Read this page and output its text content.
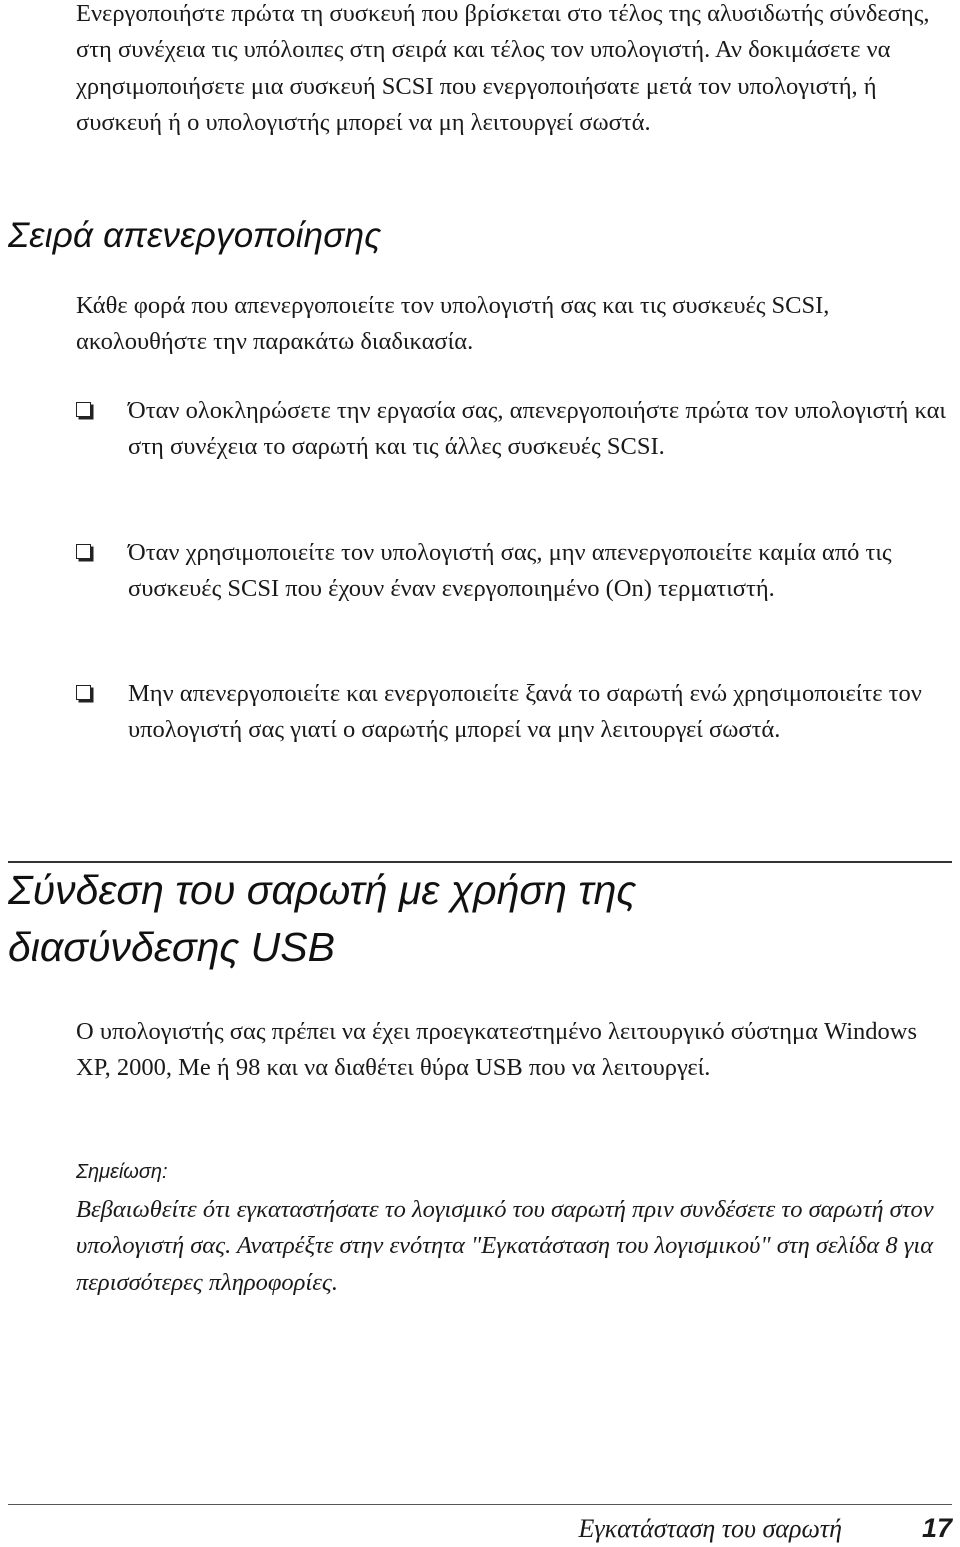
Ενεργοποιήστε πρώτα τη συσκευή που βρίσκεται στο τέλος της αλυσιδωτής σύνδεσης, στη συνέχεια τις υπόλοιπες στη σειρά και τέλος τον υπολογιστή. Αν δοκιμάσετε να χρησιμοποιήσετε μια συσκευή SCSI που ενεργοποιήσατε μετά τον υπολογιστή, ή συσκευή ή ο υπολογιστής μπορεί να μη λειτουργεί σωστά.

Σειρά απενεργοποίησης

Κάθε φορά που απενεργοποιείτε τον υπολογιστή σας και τις συσκευές SCSI, ακολουθήστε την παρακάτω διαδικασία.

Όταν ολοκληρώσετε την εργασία σας, απενεργοποιήστε πρώτα τον υπολογιστή και στη συνέχεια το σαρωτή και τις άλλες συσκευές SCSI.

Όταν χρησιμοποιείτε τον υπολογιστή σας, μην απενεργοποιείτε καμία από τις συσκευές SCSI που έχουν έναν ενεργοποιημένο (On) τερματιστή.

Μην απενεργοποιείτε και ενεργοποιείτε ξανά το σαρωτή ενώ χρησιμοποιείτε τον υπολογιστή σας γιατί ο σαρωτής μπορεί να μην λειτουργεί σωστά.

Σύνδεση του σαρωτή με χρήση της
διασύνδεσης USB

Ο υπολογιστής σας πρέπει να έχει προεγκατεστημένο λειτουργικό σύστημα Windows XP, 2000, Me ή 98 και να διαθέτει θύρα USB που να λειτουργεί.

Σημείωση:

Βεβαιωθείτε ότι εγκαταστήσατε το λογισμικό του σαρωτή πριν συνδέσετε το σαρωτή στον υπολογιστή σας. Ανατρέξτε στην ενότητα "Εγκατάσταση του λογισμικού" στη σελίδα 8 για περισσότερες πληροφορίες.

Εγκατάσταση του σαρωτή	17
